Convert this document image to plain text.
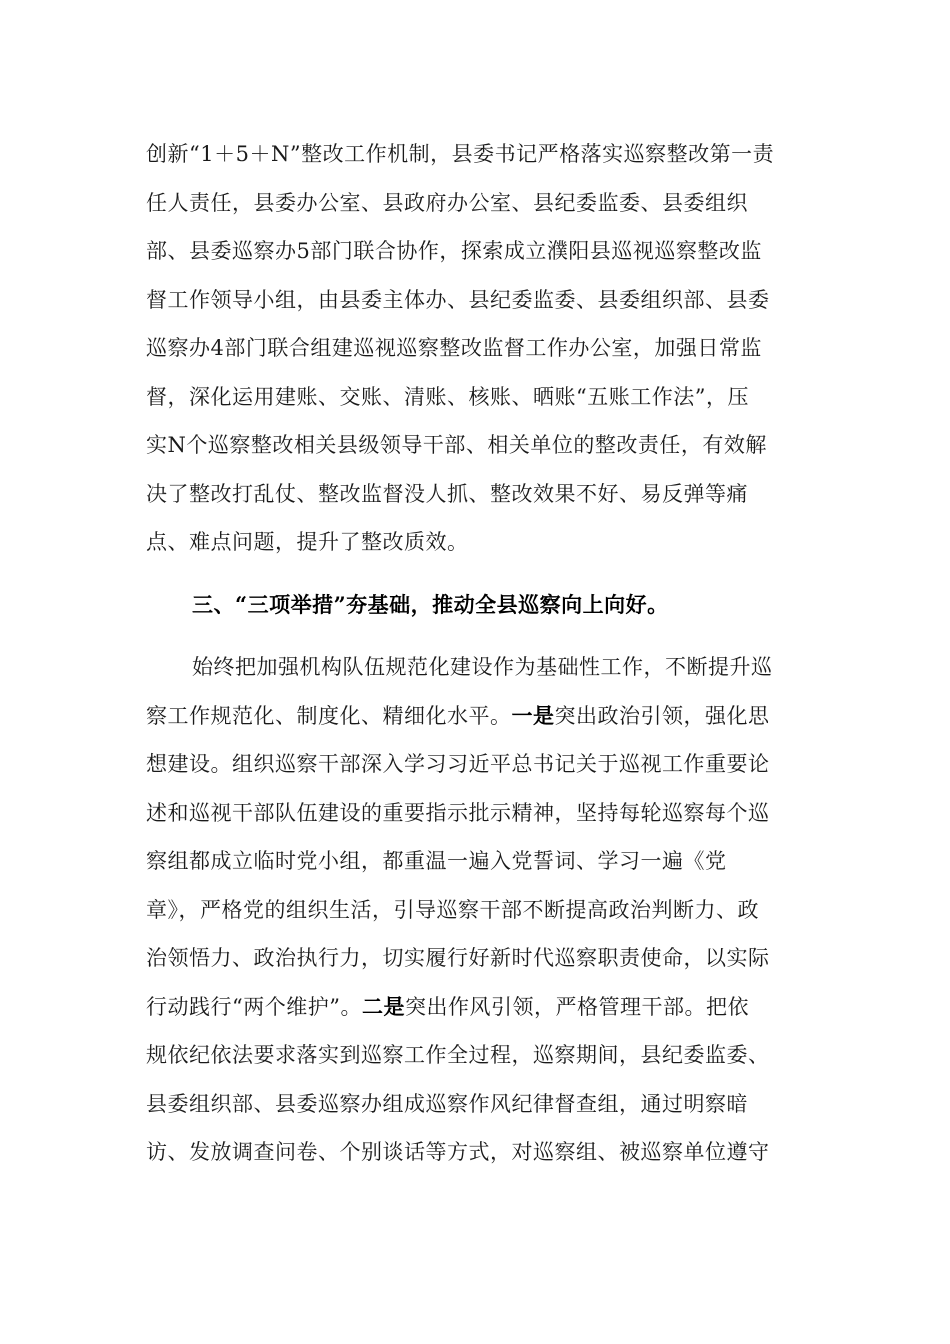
创新“1＋5＋N”整改工作机制，县委书记严格落实巡察整改第一责
任人责任，县委办公室、县政府办公室、县纪委监委、县委组织
部、县委巡察办5部门联合协作，探索成立濮阳县巡视巡察整改监
督工作领导小组，由县委主体办、县纪委监委、县委组织部、县委
巡察办4部门联合组建巡视巡察整改监督工作办公室，加强日常监
督，深化运用建账、交账、清账、核账、晒账“五账工作法”，压
实N个巡察整改相关县级领导干部、相关单位的整改责任，有效解
决了整改打乱仗、整改监督没人抓、整改效果不好、易反弹等痛
点、难点问题，提升了整改质效。
三、“三项举措”夯基础，推动全县巡察向上向好。
始终把加强机构队伍规范化建设作为基础性工作，不断提升巡
察工作规范化、制度化、精细化水平。一是突出政治引领，强化思
想建设。组织巡察干部深入学习习近平总书记关于巡视工作重要论
述和巡视干部队伍建设的重要指示批示精神，坚持每轮巡察每个巡
察组都成立临时党小组，都重温一遍入党誓词、学习一遍《党
章》，严格党的组织生活，引导巡察干部不断提高政治判断力、政
治领悟力、政治执行力，切实履行好新时代巡察职责使命，以实际
行动践行“两个维护”。二是突出作风引领，严格管理干部。把依
规依纪依法要求落实到巡察工作全过程，巡察期间，县纪委监委、
县委组织部、县委巡察办组成巡察作风纪律督查组，通过明察暗
访、发放调查问卷、个别谈话等方式，对巡察组、被巡察单位遵守
